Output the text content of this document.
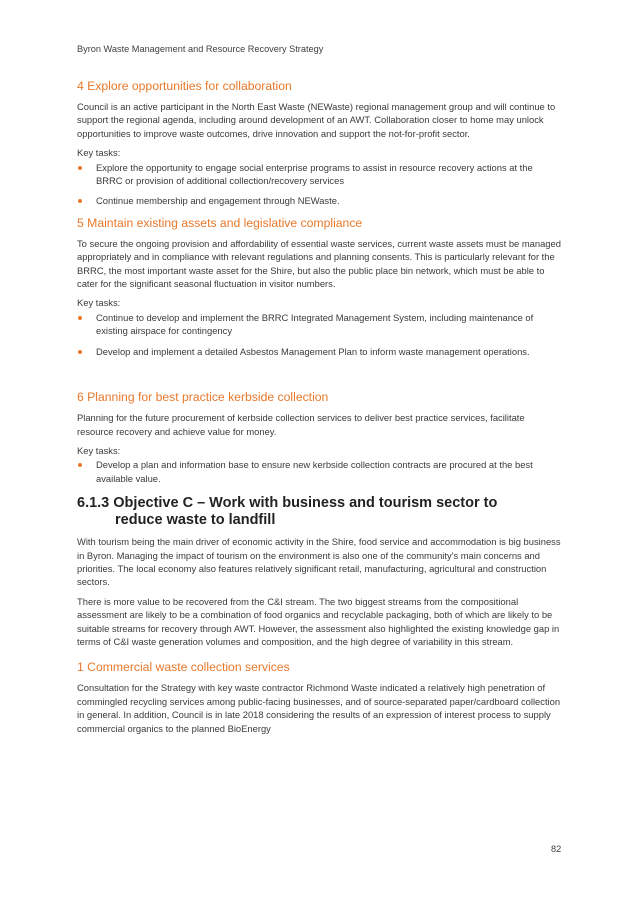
Byron Waste Management and Resource Recovery Strategy
4 Explore opportunities for collaboration

Council is an active participant in the North East Waste (NEWaste) regional management group and will continue to support the regional agenda, including around development of an AWT. Collaboration closer to home may unlock opportunities to improve waste outcomes, drive innovation and support the not-for-profit sector.

Key tasks:

Explore the opportunity to engage social enterprise programs to assist in resource recovery actions at the BRRC or provision of additional collection/recovery services
Continue membership and engagement through NEWaste.
5 Maintain existing assets and legislative compliance

To secure the ongoing provision and affordability of essential waste services, current waste assets must be managed appropriately and in compliance with relevant regulations and planning consents. This is particularly relevant for the BRRC, the most important waste asset for the Shire, but also the public place bin network, which must be able to cater for the significant seasonal fluctuation in visitor numbers.

Key tasks:

Continue to develop and implement the BRRC Integrated Management System, including maintenance of existing airspace for contingency
Develop and implement a detailed Asbestos Management Plan to inform waste management operations.
6 Planning for best practice kerbside collection

Planning for the future procurement of kerbside collection services to deliver best practice services, facilitate resource recovery and achieve value for money.

Key tasks:

Develop a plan and information base to ensure new kerbside collection contracts are procured at the best available value.
6.1.3 Objective C – Work with business and tourism sector to
reduce waste to landfill

With tourism being the main driver of economic activity in the Shire, food service and accommodation is big business in Byron. Managing the impact of tourism on the environment is also one of the community's main concerns and priorities. The local economy also features relatively significant retail, manufacturing, agricultural and construction sectors.

There is more value to be recovered from the C&I stream. The two biggest streams from the compositional assessment are likely to be a combination of food organics and recyclable packaging, both of which are likely to be suitable streams for recovery through AWT. However, the assessment also highlighted the existing knowledge gap in terms of C&I waste generation volumes and composition, and the high degree of variability in this stream.

1 Commercial waste collection services

Consultation for the Strategy with key waste contractor Richmond Waste indicated a relatively high penetration of commingled recycling services among public-facing businesses, and of source-separated paper/cardboard collection in general. In addition, Council is in late 2018 considering the results of an expression of interest process to supply commercial organics to the planned BioEnergy

82
